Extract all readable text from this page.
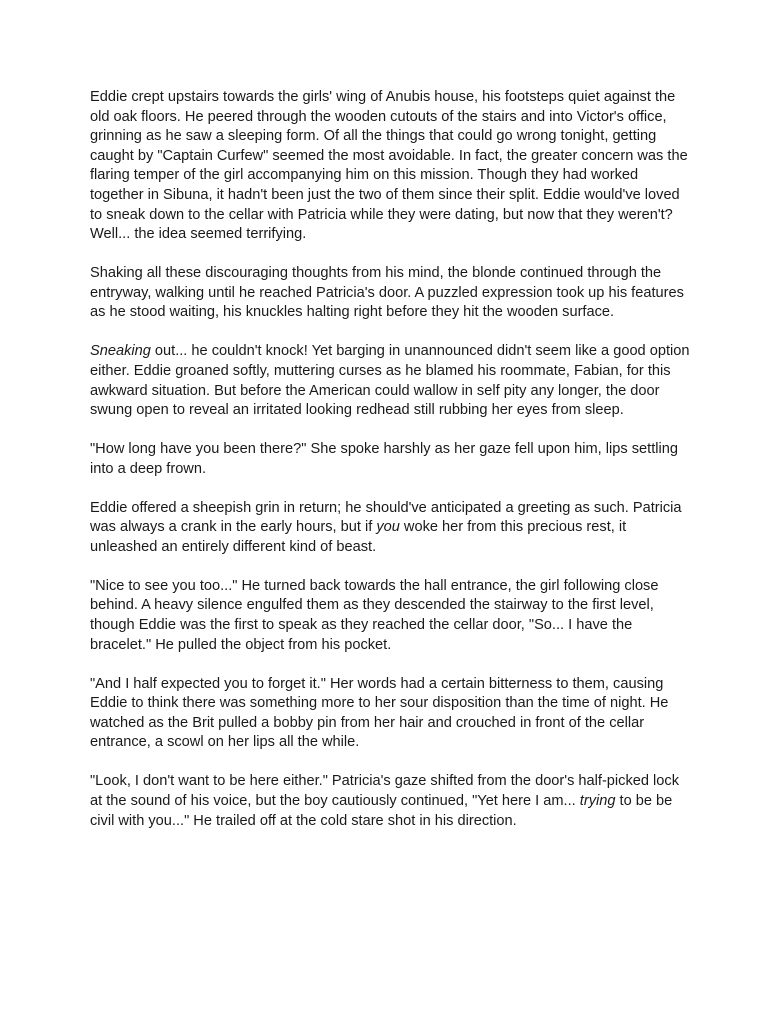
Eddie crept upstairs towards the girls' wing of Anubis house, his footsteps quiet against the old oak floors. He peered through the wooden cutouts of the stairs and into Victor's office, grinning as he saw a sleeping form. Of all the things that could go wrong tonight, getting caught by "Captain Curfew" seemed the most avoidable. In fact, the greater concern was the flaring temper of the girl accompanying him on this mission. Though they had worked together in Sibuna, it hadn't been just the two of them since their split. Eddie would've loved to sneak down to the cellar with Patricia while they were dating, but now that they weren't? Well... the idea seemed terrifying.

Shaking all these discouraging thoughts from his mind, the blonde continued through the entryway, walking until he reached Patricia's door. A puzzled expression took up his features as he stood waiting, his knuckles halting right before they hit the wooden surface.

Sneaking out... he couldn't knock! Yet barging in unannounced didn't seem like a good option either. Eddie groaned softly, muttering curses as he blamed his roommate, Fabian, for this awkward situation. But before the American could wallow in self pity any longer, the door swung open to reveal an irritated looking redhead still rubbing her eyes from sleep.

"How long have you been there?" She spoke harshly as her gaze fell upon him, lips settling into a deep frown.

Eddie offered a sheepish grin in return; he should've anticipated a greeting as such. Patricia was always a crank in the early hours, but if you woke her from this precious rest, it unleashed an entirely different kind of beast.

"Nice to see you too..." He turned back towards the hall entrance, the girl following close behind. A heavy silence engulfed them as they descended the stairway to the first level, though Eddie was the first to speak as they reached the cellar door, "So... I have the bracelet." He pulled the object from his pocket.

"And I half expected you to forget it." Her words had a certain bitterness to them, causing Eddie to think there was something more to her sour disposition than the time of night. He watched as the Brit pulled a bobby pin from her hair and crouched in front of the cellar entrance, a scowl on her lips all the while.

"Look, I don't want to be here either." Patricia's gaze shifted from the door's half-picked lock at the sound of his voice, but the boy cautiously continued, "Yet here I am... trying to be be civil with you..." He trailed off at the cold stare shot in his direction.
